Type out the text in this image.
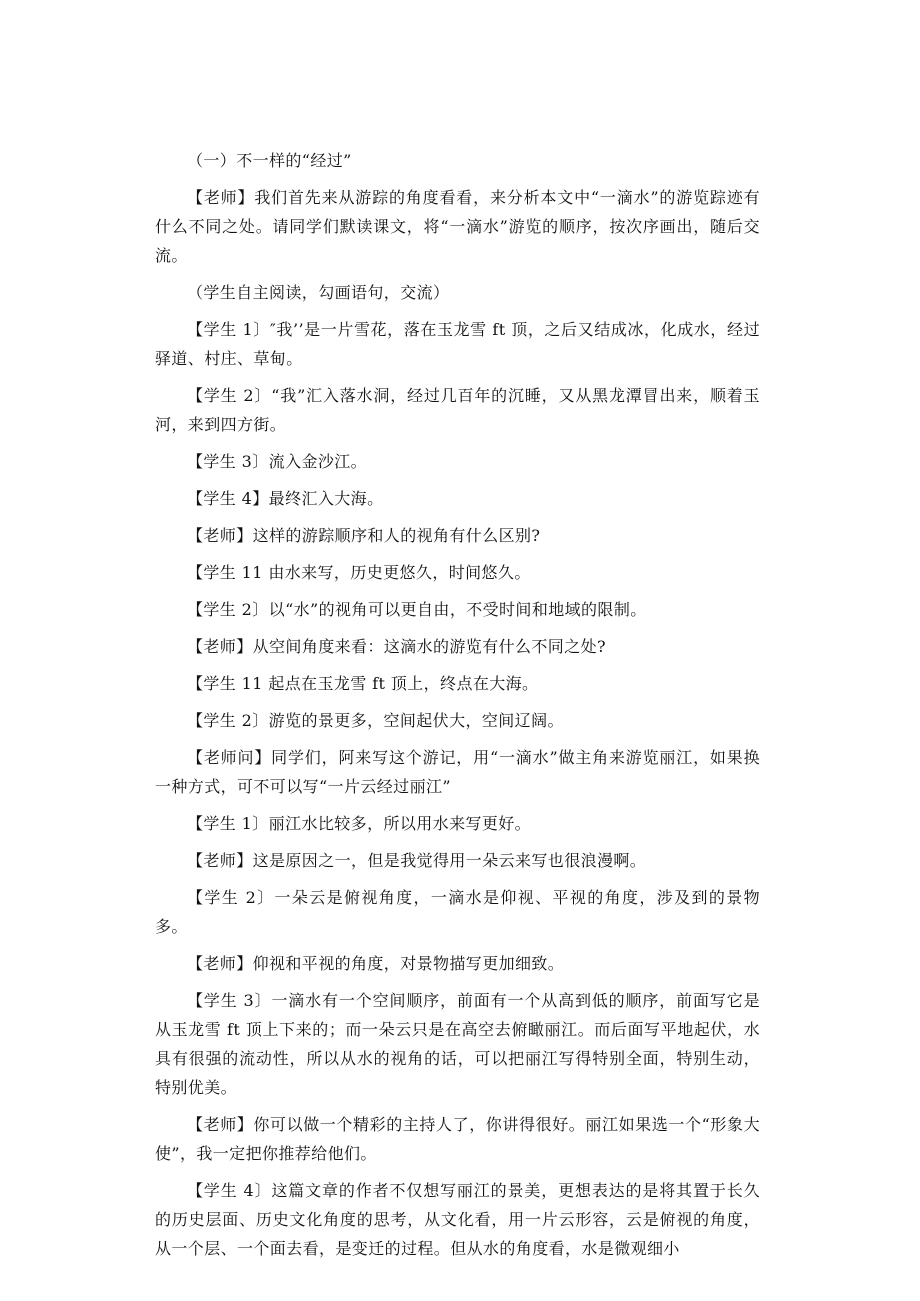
（一）不一样的“经过”

【老师】我们首先来从游踪的角度看看，来分析本文中“一滴水”的游览踪迹有什么不同之处。请同学们默读课文，将“一滴水”游览的顺序，按次序画出，随后交流。

（学生自主阅读，勾画语句，交流）

【学生 1〕″我’’是一片雪花，落在玉龙雪 ft 顶，之后又结成冰，化成水，经过驿道、村庄、草甸。

【学生 2〕“我”汇入落水洞，经过几百年的沉睡，又从黑龙潭冒出来，顺着玉河，来到四方街。

【学生 3〕流入金沙江。

【学生 4】最终汇入大海。

【老师】这样的游踪顺序和人的视角有什么区别?

【学生 11 由水来写，历史更悠久，时间悠久。

【学生 2〕以“水”的视角可以更自由，不受时间和地域的限制。

【老师】从空间角度来看：这滴水的游览有什么不同之处?

【学生 11 起点在玉龙雪 ft 顶上，终点在大海。

【学生 2〕游览的景更多，空间起伏大，空间辽阔。

【老师问】同学们，阿来写这个游记，用“一滴水”做主角来游览丽江，如果换一种方式，可不可以写“一片云经过丽江”

【学生 1〕丽江水比较多，所以用水来写更好。

【老师】这是原因之一，但是我觉得用一朵云来写也很浪漫啊。

【学生 2〕一朵云是俯视角度，一滴水是仰视、平视的角度，涉及到的景物多。

【老师】仰视和平视的角度，对景物描写更加细致。

【学生 3〕一滴水有一个空间顺序，前面有一个从高到低的顺序，前面写它是从玉龙雪 ft 顶上下来的；而一朵云只是在高空去俯瞰丽江。而后面写平地起伏，水具有很强的流动性，所以从水的视角的话，可以把丽江写得特别全面，特别生动，特别优美。

【老师】你可以做一个精彩的主持人了，你讲得很好。丽江如果选一个“形象大使”，我一定把你推荐给他们。

【学生 4〕这篇文章的作者不仅想写丽江的景美，更想表达的是将其置于长久的历史层面、历史文化角度的思考，从文化看，用一片云形容，云是俯视的角度，从一个层、一个面去看，是变迁的过程。但从水的角度看，水是微观细小
